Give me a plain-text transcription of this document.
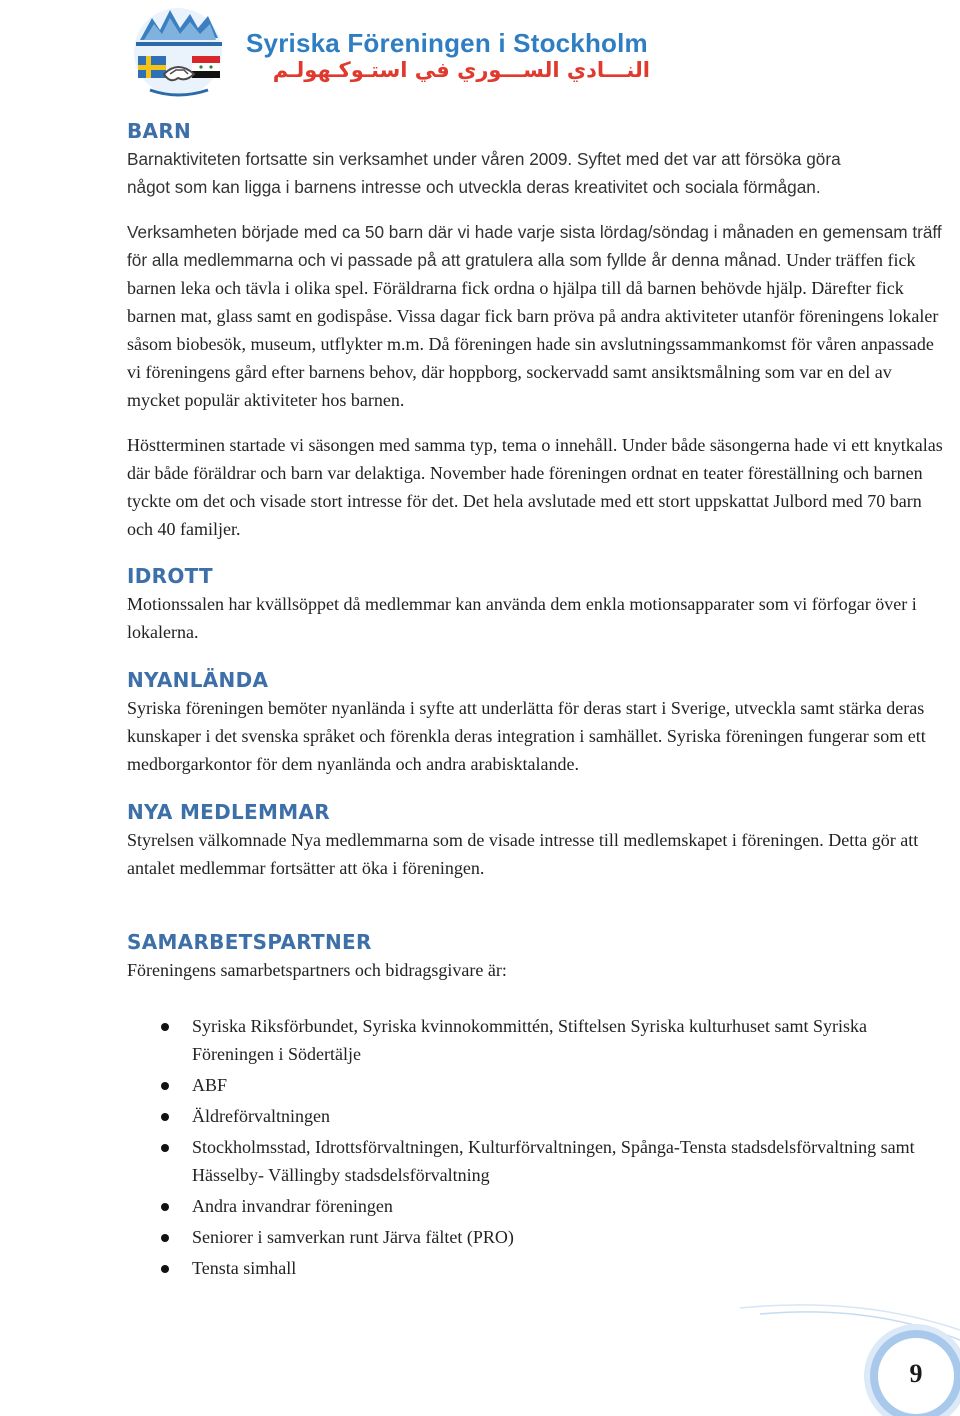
Syriska Föreningen i Stockholm
النـــادي الســـوري في استـوكـهولـم
BARN

Barnaktiviteten fortsatte sin verksamhet under våren 2009. Syftet med det var att försöka göra

något som kan ligga i barnens intresse och utveckla deras kreativitet och sociala förmågan.

Verksamheten började med ca 50 barn där vi hade varje sista lördag/söndag i månaden en gemensam träff för alla medlemmarna och vi passade på att gratulera alla som fyllde år denna månad. Under träffen fick barnen leka och tävla i olika spel. Föräldrarna fick ordna o hjälpa till då barnen behövde hjälp. Därefter fick barnen mat, glass samt en godispåse. Vissa dagar fick barn pröva på andra aktiviteter utanför föreningens lokaler såsom biobesök, museum, utflykter m.m. Då föreningen hade sin avslutningssammankomst för våren anpassade vi föreningens gård efter barnens behov, där hoppborg, sockervadd samt ansiktsmålning som var en del av mycket populär aktiviteter hos barnen.

Höstterminen startade vi säsongen med samma typ, tema o innehåll. Under både säsongerna hade vi ett knytkalas där både föräldrar och barn var delaktiga. November hade föreningen ordnat en teater föreställning och barnen tyckte om det och visade stort intresse för det. Det hela avslutade med ett stort uppskattat Julbord med 70 barn och 40 familjer.

IDROTT

Motionssalen har kvällsöppet då medlemmar kan använda dem enkla motionsapparater som vi förfogar över i lokalerna.

NYANLÄNDA

Syriska föreningen bemöter nyanlända i syfte att underlätta för deras start i Sverige, utveckla samt stärka deras kunskaper i det svenska språket och förenkla deras integration i samhället. Syriska föreningen fungerar som ett medborgarkontor för dem nyanlända och andra arabisktalande.

NYA MEDLEMMAR

Styrelsen välkomnade Nya medlemmarna som de visade intresse till medlemskapet i föreningen. Detta gör att antalet medlemmar fortsätter att öka i föreningen.

SAMARBETSPARTNER

Föreningens samarbetspartners och bidragsgivare är:

Syriska Riksförbundet, Syriska kvinnokommittén, Stiftelsen Syriska kulturhuset samt Syriska Föreningen i Södertälje
ABF
Äldreförvaltningen
Stockholmsstad, Idrottsförvaltningen, Kulturförvaltningen, Spånga-Tensta stadsdelsförvaltning samt Hässelby- Vällingby stadsdelsförvaltning
Andra invandrar föreningen
Seniorer i samverkan runt Järva fältet (PRO)
Tensta simhall
9
